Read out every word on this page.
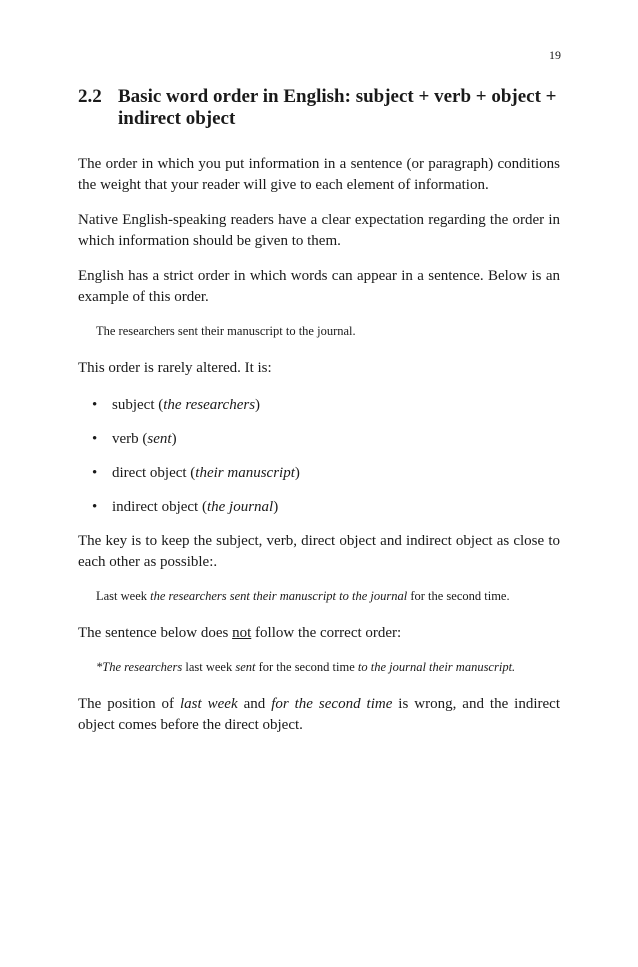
19
2.2 Basic word order in English: subject + verb + object + indirect object

The order in which you put information in a sentence (or paragraph) conditions the weight that your reader will give to each element of information.

Native English-speaking readers have a clear expectation regarding the order in which information should be given to them.

English has a strict order in which words can appear in a sentence. Below is an example of this order.

The researchers sent their manuscript to the journal.

This order is rarely altered. It is:

• subject (the researchers)
• verb (sent)
• direct object (their manuscript)
• indirect object (the journal)

The key is to keep the subject, verb, direct object and indirect object as close to each other as possible:.

Last week the researchers sent their manuscript to the journal for the second time.

The sentence below does not follow the correct order:

*The researchers last week sent for the second time to the journal their manuscript.

The position of last week and for the second time is wrong, and the indirect object comes before the direct object.
